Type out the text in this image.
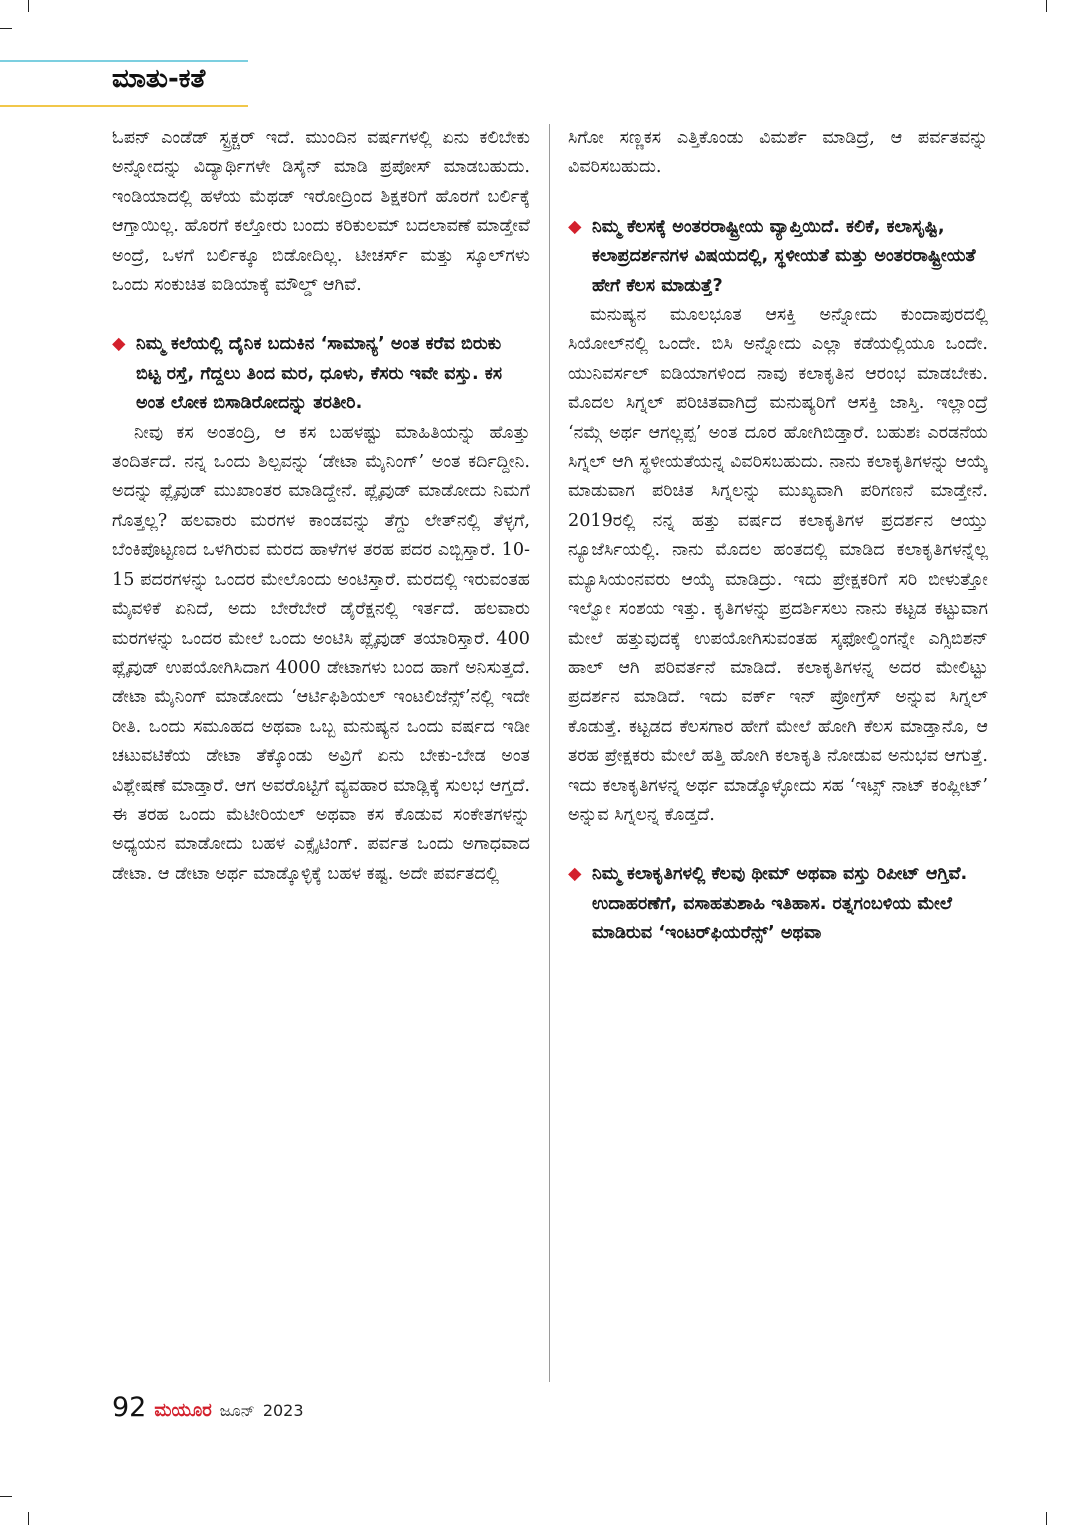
ಮಾತು-ಕತೆ

ಓಪನ್ ಎಂಡೆಡ್ ಸ್ಟ್ರಕ್ಚರ್ ಇದೆ. ಮುಂದಿನ ವರ್ಷಗಳಲ್ಲಿ ಏನು ಕಲಿಬೇಕು ಅನ್ನೋದನ್ನು ವಿದ್ಯಾರ್ಥಿಗಳೇ ಡಿಸೈನ್ ಮಾಡಿ ಪ್ರಪೋಸ್ ಮಾಡಬಹುದು. ಇಂಡಿಯಾದಲ್ಲಿ ಹಳೆಯ ಮೆಥಡ್ ಇರೋದ್ರಿಂದ ಶಿಕ್ಷಕರಿಗೆ ಹೊರಗೆ ಬರ್ಲಿಕ್ಕೆ ಆಗ್ತಾಯಿಲ್ಲ. ಹೊರಗೆ ಕಲ್ತೋರು ಬಂದು ಕರಿಕುಲಮ್ ಬದಲಾವಣೆ ಮಾಡ್ತೇವೆ ಅಂದ್ರೆ, ಒಳಗೆ ಬರ್ಲಿಕ್ಕೂ ಬಿಡೋದಿಲ್ಲ. ಟೀಚರ್ಸ್ ಮತ್ತು ಸ್ಕೂಲ್‌ಗಳು ಒಂದು ಸಂಕುಚಿತ ಐಡಿಯಾಕ್ಕೆ ಮೌಲ್ಡ್ ಆಗಿವೆ.

◆ ನಿಮ್ಮ ಕಲೆಯಲ್ಲಿ ದೈನಿಕ ಬದುಕಿನ ‘ಸಾಮಾನ್ಯ’ ಅಂತ ಕರೆವ ಬಿರುಕು ಬಿಟ್ಟ ರಸ್ತೆ, ಗೆದ್ದಲು ತಿಂದ ಮರ, ಧೂಳು, ಕೆಸರು ಇವೇ ವಸ್ತು. ಕಸ ಅಂತ ಲೋಕ ಬಿಸಾಡಿರೋದನ್ನು ತರತೀರಿ.

ನೀವು ಕಸ ಅಂತಂದ್ರಿ, ಆ ಕಸ ಬಹಳಷ್ಟು ಮಾಹಿತಿಯನ್ನು ಹೊತ್ತು ತಂದಿರ್ತದೆ. ನನ್ನ ಒಂದು ಶಿಲ್ಪವನ್ನು ‘ಡೇಟಾ ಮೈನಿಂಗ್’ ಅಂತ ಕರ್ದಿದ್ದೀನಿ. ಅದನ್ನು ಪ್ಲೈವುಡ್ ಮುಖಾಂತರ ಮಾಡಿದ್ದೇನೆ. ಪ್ಲೈವುಡ್ ಮಾಡೋದು ನಿಮಗೆ ಗೊತ್ತಲ್ಲ? ಹಲವಾರು ಮರಗಳ ಕಾಂಡವನ್ನು ತೆಗ್ದು ಲೇತ್‌ನಲ್ಲಿ ತೆಳ್ಳಗೆ, ಬೆಂಕಿಪೊಟ್ಟಣದ ಒಳಗಿರುವ ಮರದ ಹಾಳೆಗಳ ತರಹ ಪದರ ಎಬ್ಬಿಸ್ತಾರೆ. 10-15 ಪದರಗಳನ್ನು ಒಂದರ ಮೇಲೊಂದು ಅಂಟಿಸ್ತಾರೆ. ಮರದಲ್ಲಿ ಇರುವಂತಹ ಮೈವಳಿಕೆ ಏನಿದೆ, ಅದು ಬೇರೆಬೇರೆ ಡೈರೆಕ್ಷನಲ್ಲಿ ಇರ್ತದೆ. ಹಲವಾರು ಮರಗಳನ್ನು ಒಂದರ ಮೇಲೆ ಒಂದು ಅಂಟಿಸಿ ಪ್ಲೈವುಡ್ ತಯಾರಿಸ್ತಾರೆ. 400 ಪ್ಲೈವುಡ್ ಉಪಯೋಗಿಸಿದಾಗ 4000 ಡೇಟಾಗಳು ಬಂದ ಹಾಗೆ ಅನಿಸುತ್ತದೆ. ಡೇಟಾ ಮೈನಿಂಗ್ ಮಾಡೋದು ‘ಆರ್ಟಿಫಿಶಿಯಲ್ ಇಂಟಲಿಜೆನ್ಸ್’ನಲ್ಲಿ ಇದೇ ರೀತಿ. ಒಂದು ಸಮೂಹದ ಅಥವಾ ಒಬ್ಬ ಮನುಷ್ಯನ ಒಂದು ವರ್ಷದ ಇಡೀ ಚಟುವಟಿಕೆಯ ಡೇಟಾ ತೆಕ್ಕೊಂಡು ಅವ್ರಿಗೆ ಏನು ಬೇಕು-ಬೇಡ ಅಂತ ವಿಶ್ಲೇಷಣೆ ಮಾಡ್ತಾರೆ. ಆಗ ಅವರೊಟ್ಟಿಗೆ ವ್ಯವಹಾರ ಮಾಡ್ಲಿಕ್ಕೆ ಸುಲಭ ಆಗ್ತದೆ. ಈ ತರಹ ಒಂದು ಮೆಟೀರಿಯಲ್ ಅಥವಾ ಕಸ ಕೊಡುವ ಸಂಕೇತಗಳನ್ನು ಅಧ್ಯಯನ ಮಾಡೋದು ಬಹಳ ಎಕ್ಸೈಟಿಂಗ್. ಪರ್ವತ ಒಂದು ಅಗಾಧವಾದ ಡೇಟಾ. ಆ ಡೇಟಾ ಅರ್ಥ ಮಾಡ್ಕೊಳ್ಳಿಕ್ಕೆ ಬಹಳ ಕಷ್ಟ. ಅದೇ ಪರ್ವತದಲ್ಲಿ

ಸಿಗೋ ಸಣ್ಣಕಸ ಎತ್ತಿಕೊಂಡು ವಿಮರ್ಶೆ ಮಾಡಿದ್ರೆ, ಆ ಪರ್ವತವನ್ನು ವಿವರಿಸಬಹುದು.

◆ ನಿಮ್ಮ ಕೆಲಸಕ್ಕೆ ಅಂತರರಾಷ್ಟ್ರೀಯ ವ್ಯಾಪ್ತಿಯಿದೆ. ಕಲಿಕೆ, ಕಲಾಸೃಷ್ಟಿ, ಕಲಾಪ್ರದರ್ಶನಗಳ ವಿಷಯದಲ್ಲಿ, ಸ್ಥಳೀಯತೆ ಮತ್ತು ಅಂತರರಾಷ್ಟ್ರೀಯತೆ ಹೇಗೆ ಕೆಲಸ ಮಾಡುತ್ತೆ?

ಮನುಷ್ಯನ ಮೂಲಭೂತ ಆಸಕ್ತಿ ಅನ್ನೋದು ಕುಂದಾಪುರದಲ್ಲಿ ಸಿಯೋಲ್‌ನಲ್ಲಿ ಒಂದೇ. ಬಿಸಿ ಅನ್ನೋದು ಎಲ್ಲಾ ಕಡೆಯಲ್ಲಿಯೂ ಒಂದೇ. ಯುನಿವರ್ಸಲ್ ಐಡಿಯಾಗಳಿಂದ ನಾವು ಕಲಾಕೃತಿನ ಆರಂಭ ಮಾಡಬೇಕು. ಮೊದಲ ಸಿಗ್ನಲ್ ಪರಿಚಿತವಾಗಿದ್ರೆ ಮನುಷ್ಯರಿಗೆ ಆಸಕ್ತಿ ಜಾಸ್ತಿ. ಇಲ್ಲಾಂದ್ರೆ ‘ನಮ್ಗೆ ಅರ್ಥ ಆಗಲ್ಲಪ್ಪ’ ಅಂತ ದೂರ ಹೋಗಿಬಿಡ್ತಾರೆ. ಬಹುಶಃ ಎರಡನೆಯ ಸಿಗ್ನಲ್ ಆಗಿ ಸ್ಥಳೀಯತೆಯನ್ನ ವಿವರಿಸಬಹುದು. ನಾನು ಕಲಾಕೃತಿಗಳನ್ನು ಆಯ್ಕೆ ಮಾಡುವಾಗ ಪರಿಚಿತ ಸಿಗ್ನಲನ್ನು ಮುಖ್ಯವಾಗಿ ಪರಿಗಣನೆ ಮಾಡ್ತೇನೆ. 2019ರಲ್ಲಿ ನನ್ನ ಹತ್ತು ವರ್ಷದ ಕಲಾಕೃತಿಗಳ ಪ್ರದರ್ಶನ ಆಯ್ತು ನ್ಯೂಜೆರ್ಸಿಯಲ್ಲಿ. ನಾನು ಮೊದಲ ಹಂತದಲ್ಲಿ ಮಾಡಿದ ಕಲಾಕೃತಿಗಳನ್ನೆಲ್ಲ ಮ್ಯೂಸಿಯಂನವರು ಆಯ್ಕೆ ಮಾಡಿದ್ರು. ಇದು ಪ್ರೇಕ್ಷಕರಿಗೆ ಸರಿ ಬೀಳುತ್ತೋ ಇಲ್ವೋ ಸಂಶಯ ಇತ್ತು. ಕೃತಿಗಳನ್ನು ಪ್ರದರ್ಶಿಸಲು ನಾನು ಕಟ್ಟಡ ಕಟ್ಟುವಾಗ ಮೇಲೆ ಹತ್ತುವುದಕ್ಕೆ ಉಪಯೋಗಿಸುವಂತಹ ಸ್ಕಫೋಲ್ಡಿಂಗನ್ನೇ ಎಗ್ಸಿಬಿಶನ್ ಹಾಲ್ ಆಗಿ ಪರಿವರ್ತನೆ ಮಾಡಿದೆ. ಕಲಾಕೃತಿಗಳನ್ನ ಅದರ ಮೇಲಿಟ್ಟು ಪ್ರದರ್ಶನ ಮಾಡಿದೆ. ಇದು ವರ್ಕ್ ಇನ್ ಪ್ರೋಗ್ರೆಸ್ ಅನ್ನುವ ಸಿಗ್ನಲ್ ಕೊಡುತ್ತೆ. ಕಟ್ಟಡದ ಕೆಲಸಗಾರ ಹೇಗೆ ಮೇಲೆ ಹೋಗಿ ಕೆಲಸ ಮಾಡ್ತಾನೊ, ಆ ತರಹ ಪ್ರೇಕ್ಷಕರು ಮೇಲೆ ಹತ್ತಿ ಹೋಗಿ ಕಲಾಕೃತಿ ನೋಡುವ ಅನುಭವ ಆಗುತ್ತೆ. ಇದು ಕಲಾಕೃತಿಗಳನ್ನ ಅರ್ಥ ಮಾಡ್ಕೊಳ್ಳೋದು ಸಹ ‘ಇಟ್ಸ್ ನಾಟ್ ಕಂಪ್ಲೀಟ್’ ಅನ್ನುವ ಸಿಗ್ನಲನ್ನ ಕೊಡ್ತದೆ.

◆ ನಿಮ್ಮ ಕಲಾಕೃತಿಗಳಲ್ಲಿ ಕೆಲವು ಥೀಮ್ ಅಥವಾ ವಸ್ತು ರಿಪೀಟ್ ಆಗ್ತಿವೆ. ಉದಾಹರಣೆಗೆ, ವಸಾಹತುಶಾಹಿ ಇತಿಹಾಸ. ರತ್ನಗಂಬಳಿಯ ಮೇಲೆ ಮಾಡಿರುವ ‘ಇಂಟರ್‌ಫಿಯರೆನ್ಸ್’ ಅಥವಾ
92 ಮಯೂರ ಜೂನ್ 2023
